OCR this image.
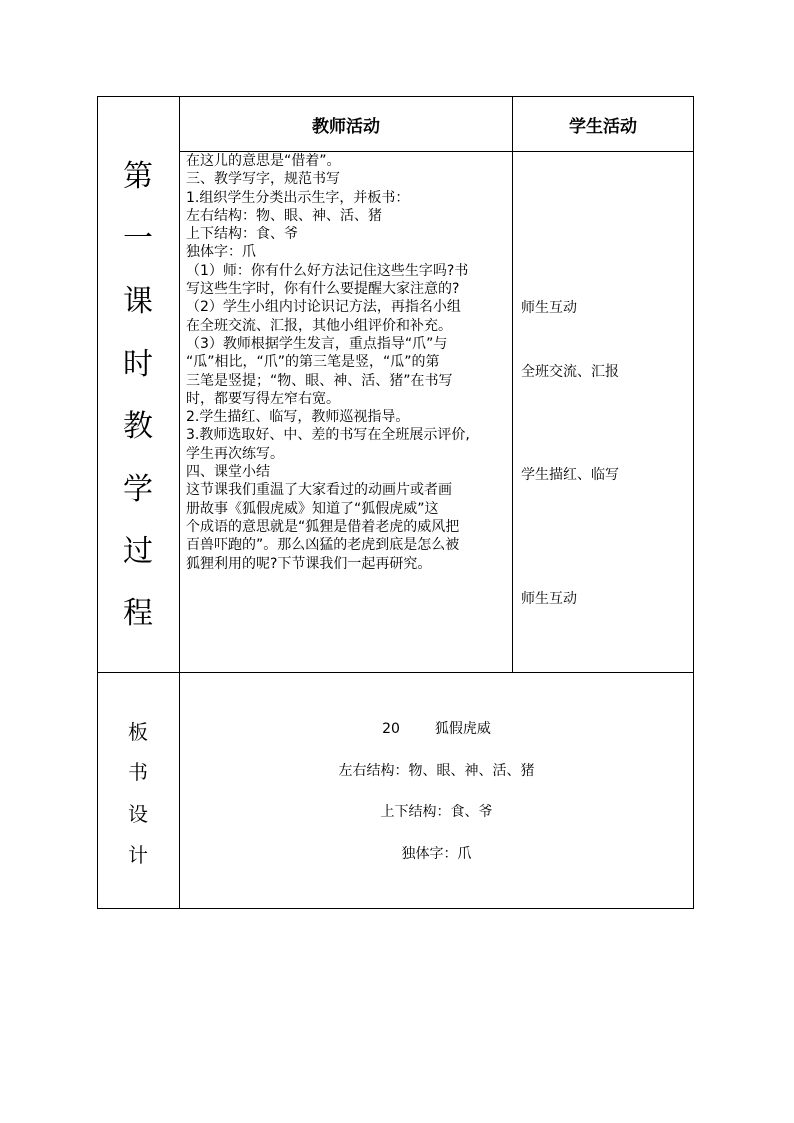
教师活动	学生活动
第
一
课
时
教
学
过
程

在这儿的意思是“借着”。

三、教学写字，规范书写

1.组织学生分类出示生字，并板书：

左右结构：物、眼、神、活、猪

上下结构：食、爷

独体字：爪

（1）师：你有什么好方法记住这些生字吗?书

写这些生字时，你有什么要提醒大家注意的?

（2）学生小组内讨论识记方法，再指名小组

在全班交流、汇报，其他小组评价和补充。

（3）教师根据学生发言，重点指导“爪”与

“瓜”相比，“爪”的第三笔是竖，“瓜”的第

三笔是竖提；“物、眼、神、活、猪”在书写

时，都要写得左窄右宽。

2.学生描红、临写，教师巡视指导。

3.教师选取好、中、差的书写在全班展示评价,

学生再次练写。

四、课堂小结

这节课我们重温了大家看过的动画片或者画

册故事《狐假虎威》知道了“狐假虎威”这

个成语的意思就是“狐狸是借着老虎的威风把

百兽吓跑的”。那么凶猛的老虎到底是怎么被

狐狸利用的呢?下节课我们一起再研究。

师生互动
全班交流、汇报
学生描红、临写
师生互动
板
书
设
计
20 狐假虎威
左右结构：物、眼、神、活、猪
上下结构：食、爷
独体字：爪
